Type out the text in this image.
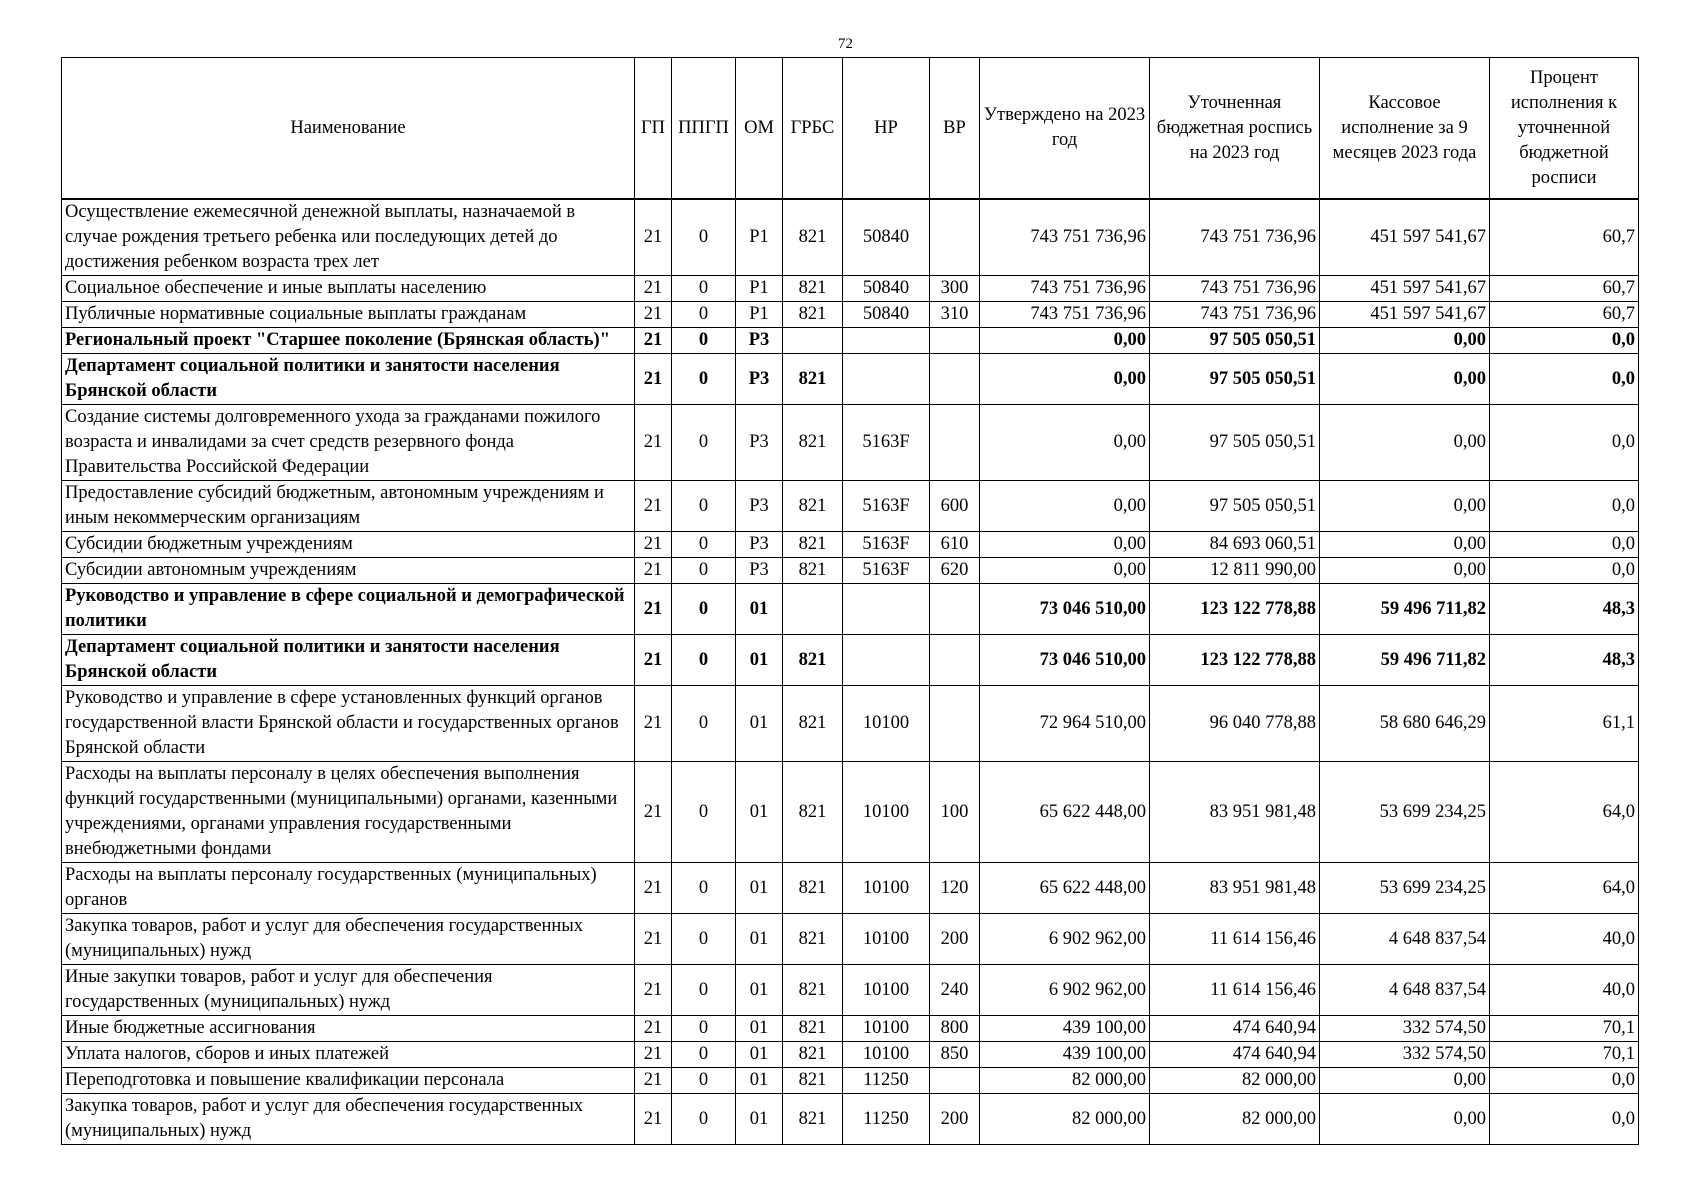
72
Наименование	ГП	ППГП	ОМ	ГРБС	НР	ВР	Утверждено на 2023 год	Уточненная бюджетная роспись на 2023 год	Кассовое исполнение за 9 месяцев 2023 года	Процент исполнения к уточненной бюджетной росписи
Осуществление ежемесячной денежной выплаты, назначаемой в случае рождения третьего ребенка или последующих детей до достижения ребенком возраста трех лет	21	0	P1	821	50840		743 751 736,96	743 751 736,96	451 597 541,67	60,7
Социальное обеспечение и иные выплаты населению	21	0	P1	821	50840	300	743 751 736,96	743 751 736,96	451 597 541,67	60,7
Публичные нормативные социальные выплаты гражданам	21	0	P1	821	50840	310	743 751 736,96	743 751 736,96	451 597 541,67	60,7
Региональный проект "Старшее поколение (Брянская область)"	21	0	P3				0,00	97 505 050,51	0,00	0,0
Департамент социальной политики и занятости населения Брянской области	21	0	P3	821			0,00	97 505 050,51	0,00	0,0
Создание системы долговременного ухода за гражданами пожилого возраста и инвалидами за счет средств резервного фонда Правительства Российской Федерации	21	0	P3	821	5163F		0,00	97 505 050,51	0,00	0,0
Предоставление субсидий бюджетным, автономным учреждениям и иным некоммерческим организациям	21	0	P3	821	5163F	600	0,00	97 505 050,51	0,00	0,0
Субсидии бюджетным учреждениям	21	0	P3	821	5163F	610	0,00	84 693 060,51	0,00	0,0
Субсидии автономным учреждениям	21	0	P3	821	5163F	620	0,00	12 811 990,00	0,00	0,0
Руководство и управление в сфере социальной и демографической политики	21	0	01				73 046 510,00	123 122 778,88	59 496 711,82	48,3
Департамент социальной политики и занятости населения Брянской области	21	0	01	821			73 046 510,00	123 122 778,88	59 496 711,82	48,3
Руководство и управление в сфере установленных функций органов государственной власти Брянской области и государственных органов Брянской области	21	0	01	821	10100		72 964 510,00	96 040 778,88	58 680 646,29	61,1
Расходы на выплаты персоналу в целях обеспечения выполнения функций государственными (муниципальными) органами, казенными учреждениями, органами управления государственными внебюджетными фондами	21	0	01	821	10100	100	65 622 448,00	83 951 981,48	53 699 234,25	64,0
Расходы на выплаты персоналу государственных (муниципальных) органов	21	0	01	821	10100	120	65 622 448,00	83 951 981,48	53 699 234,25	64,0
Закупка товаров, работ и услуг для обеспечения государственных (муниципальных) нужд	21	0	01	821	10100	200	6 902 962,00	11 614 156,46	4 648 837,54	40,0
Иные закупки товаров, работ и услуг для обеспечения государственных (муниципальных) нужд	21	0	01	821	10100	240	6 902 962,00	11 614 156,46	4 648 837,54	40,0
Иные бюджетные ассигнования	21	0	01	821	10100	800	439 100,00	474 640,94	332 574,50	70,1
Уплата налогов, сборов и иных платежей	21	0	01	821	10100	850	439 100,00	474 640,94	332 574,50	70,1
Переподготовка и повышение квалификации персонала	21	0	01	821	11250		82 000,00	82 000,00	0,00	0,0
Закупка товаров, работ и услуг для обеспечения государственных (муниципальных) нужд	21	0	01	821	11250	200	82 000,00	82 000,00	0,00	0,0
